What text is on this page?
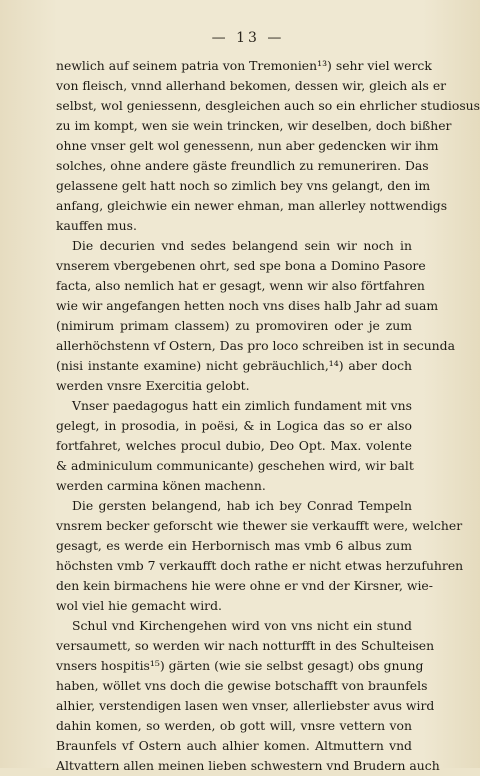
— 13 —
newlich auf seinem patria von Tremonien¹³) sehr viel werck
von fleisch, vnnd allerhand bekomen, dessen wir, gleich als er
selbst, wol geniessenn, desgleichen auch so ein ehrlicher studiosus
zu im kompt, wen sie wein trincken, wir deselben, doch bißher
ohne vnser gelt wol genessenn, nun aber gedencken wir ihm
solches, ohne andere gäste freundlich zu remuneriren. Das
gelassene gelt hatt noch so zimlich bey vns gelangt, den im
anfang, gleichwie ein newer ehman, man allerley nottwendigs
kauffen mus.
Die decurien vnd sedes belangend sein wir noch in
vnserem vbergebenen ohrt, sed spe bona a Domino Pasore
facta, also nemlich hat er gesagt, wenn wir also förtfahren
wie wir angefangen hetten noch vns dises halb Jahr ad suam
(nimirum primam classem) zu promoviren oder je zum
allerhöchstenn vf Ostern, Das pro loco schreiben ist in secunda
(nisi instante examine) nicht gebräuchlich,¹⁴) aber doch
werden vnsre Exercitia gelobt.
Vnser paedagogus hatt ein zimlich fundament mit vns
gelegt, in prosodia, in poësi, & in Logica das so er also
fortfahret, welches procul dubio, Deo Opt. Max. volente
& adminiculum communicante) geschehen wird, wir balt
werden carmina könen machenn.
Die gersten belangend, hab ich bey Conrad Tempeln
vnsrem becker geforscht wie thewer sie verkaufft were, welcher
gesagt, es werde ein Herbornisch mas vmb 6 albus zum
höchsten vmb 7 verkaufft doch rathe er nicht etwas herzufuhren
den kein birmachens hie were ohne er vnd der Kirsner, wie-
wol viel hie gemacht wird.
Schul vnd Kirchengehen wird von vns nicht ein stund
versaumett, so werden wir nach notturfft in des Schulteisen
vnsers hospitis¹⁵) gärten (wie sie selbst gesagt) obs gnung
haben, wöllet vns doch die gewise botschafft von braunfels
alhier, verstendigen lasen wen vnser, allerliebster avus wird
dahin komen, so werden, ob gott will, vnsre vettern von
Braunfels vf Ostern auch alhier komen. Altmuttern vnd
Altvattern allen meinen lieben schwestern vnd Brudern auch
